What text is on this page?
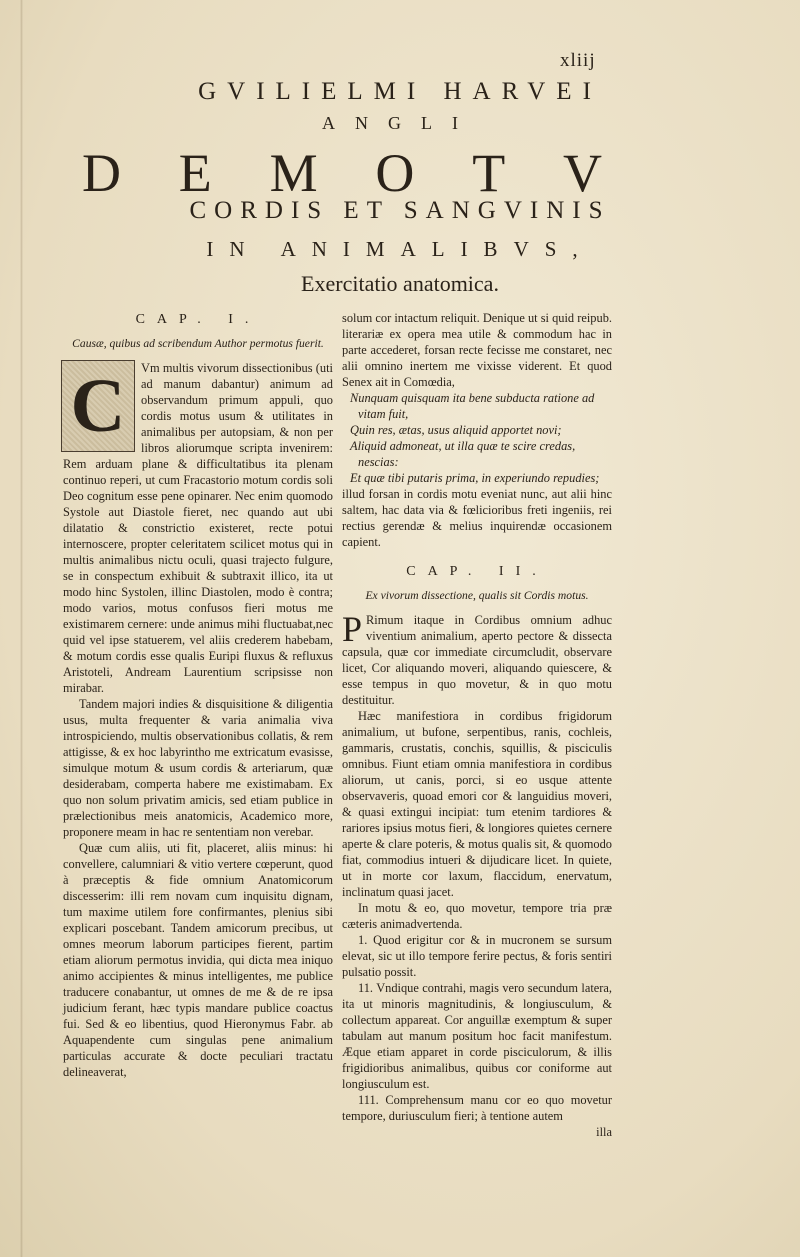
xliij
GVILIELMI HARVEI
ANGLI
D E M O T V
CORDIS ET SANGVINIS
IN ANIMALIBVS,
Exercitatio anatomica.
CAP. I.
Causæ, quibus ad scribendum Author permotus fuerit.
C	Vm multis vivorum dissectionibus (uti ad manum dabantur) animum ad observandum primum appuli, quo cordis motus usum & utilitates in animalibus per autopsiam, & non per libros aliorumque scripta invenirem: Rem arduam plane & difficultatibus ita plenam continuo reperi, ut cum Fracastorio motum cordis soli Deo cognitum esse pene opinarer. Nec enim quomodo Systole aut Diastole fieret, nec quando aut ubi dilatatio & constrictio existeret, recte potui internoscere, propter celeritatem scilicet motus qui in multis animalibus nictu oculi, quasi trajecto fulgure, se in conspectum exhibuit & subtraxit illico, ita ut modo hinc Systolen, illinc Diastolen, modo è contra; modo varios, motus confusos fieri motus me existimarem cernere: unde animus mihi fluctuabat,nec quid vel ipse statuerem, vel aliis crederem habebam, & motum cordis esse qualis Euripi fluxus & refluxus Aristoteli, Andream Laurentium scripsisse non mirabar.

Tandem majori indies & disquisitione & diligentia usus, multa frequenter & varia animalia viva introspiciendo, multis observationibus collatis, & rem attigisse, & ex hoc labyrintho me extricatum evasisse, simulque motum & usum cordis & arteriarum, quæ desiderabam, comperta habere me existimabam. Ex quo non solum privatim amicis, sed etiam publice in prælectionibus meis anatomicis, Academico more, proponere meam in hac re sententiam non verebar.

Quæ cum aliis, uti fit, placeret, aliis minus: hi convellere, calumniari & vitio vertere cœperunt, quod à præceptis & fide omnium Anatomicorum discesserim: illi rem novam cum inquisitu dignam, tum maxime utilem fore confirmantes, plenius sibi explicari poscebant. Tandem amicorum precibus, ut omnes meorum laborum participes fierent, partim etiam aliorum permotus invidia, qui dicta mea iniquo animo accipientes & minus intelligentes, me publice traducere conabantur, ut omnes de me & de re ipsa judicium ferant, hæc typis mandare publice coactus fui. Sed & eo libentius, quod Hieronymus Fabr. ab Aquapendente cum singulas pene animalium particulas accurate & docte peculiari tractatu delineaverat,

solum cor intactum reliquit. Denique ut si quid reipub. literariæ ex opera mea utile & commodum hac in parte accederet, forsan recte fecisse me constaret, nec alii omnino inertem me vixisse viderent. Et quod Senex ait in Comœdia,

Nunquam quisquam ita bene subducta ratione ad vitam fuit,

Quin res, ætas, usus aliquid apportet novi;

Aliquid admoneat, ut illa quæ te scire credas, nescias:

Et quæ tibi putaris prima, in experiundo repudies;

illud forsan in cordis motu eveniat nunc, aut alii hinc saltem, hac data via & fœlicioribus freti ingeniis, rei rectius gerendæ & melius inquirendæ occasionem capient.

CAP. II.
Ex vivorum dissectione, qualis sit Cordis motus.
P Rimum itaque in Cordibus omnium adhuc viventium animalium, aperto pectore & dissecta capsula, quæ cor immediate circumcludit, observare licet, Cor aliquando moveri, aliquando quiescere, & esse tempus in quo movetur, & in quo motu destituitur.

Hæc manifestiora in cordibus frigidorum animalium, ut bufone, serpentibus, ranis, cochleis, gammaris, crustatis, conchis, squillis, & pisciculis omnibus. Fiunt etiam omnia manifestiora in cordibus aliorum, ut canis, porci, si eo usque attente observaveris, quoad emori cor & languidius moveri, & quasi extingui incipiat: tum etenim tardiores & rariores ipsius motus fieri, & longiores quietes cernere aperte & clare poteris, & motus qualis sit, & quomodo fiat, commodius intueri & dijudicare licet. In quiete, ut in morte cor laxum, flaccidum, enervatum, inclinatum quasi jacet.

In motu & eo, quo movetur, tempore tria præ cæteris animadvertenda.

1. Quod erigitur cor & in mucronem se sursum elevat, sic ut illo tempore ferire pectus, & foris sentiri pulsatio possit.

11. Vndique contrahi, magis vero secundum latera, ita ut minoris magnitudinis, & longiusculum, & collectum appareat. Cor anguillæ exemptum & super tabulam aut manum positum hoc facit manifestum. Æque etiam apparet in corde pisciculorum, & illis frigidioribus animalibus, quibus cor coniforme aut longiusculum est.

111. Comprehensum manu cor eo quo movetur tempore, duriusculum fieri; à tentione autem

illa
